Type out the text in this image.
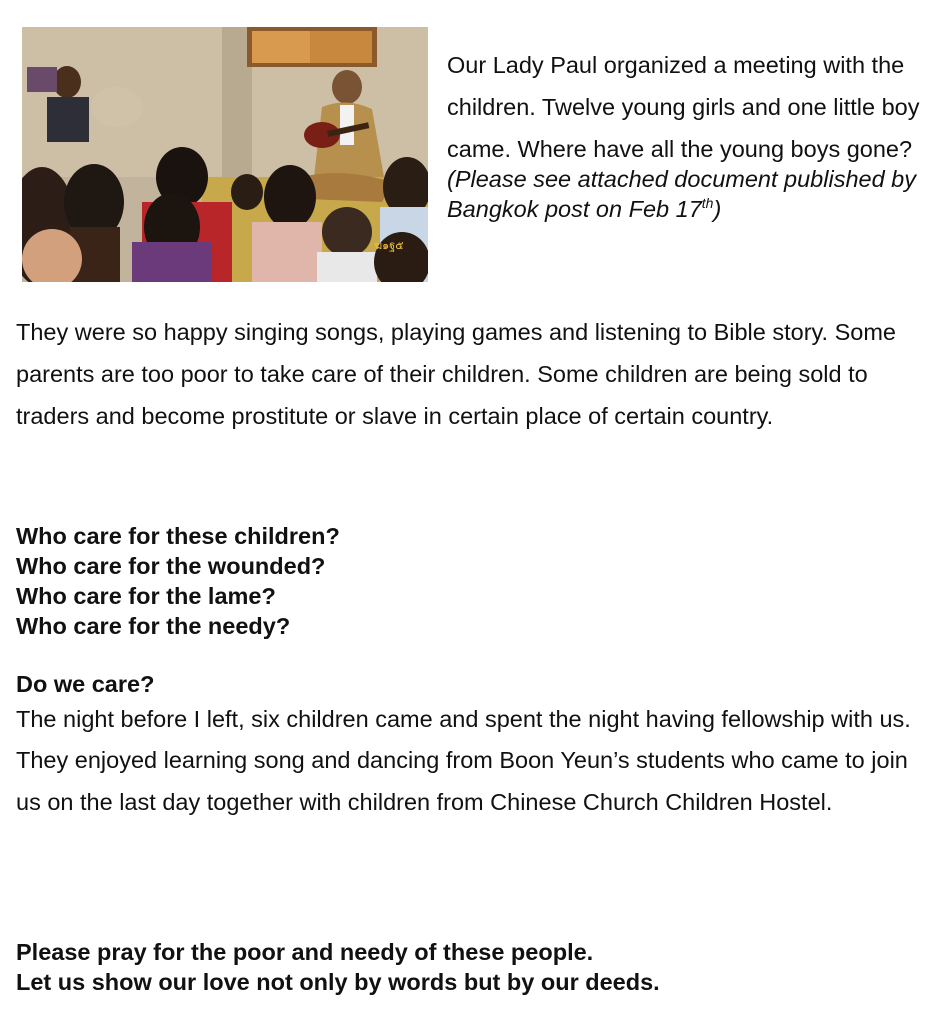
ฆ๑ฐ๕

Our Lady Paul organized a meeting with the children. Twelve young girls and one little boy came. Where have all the young boys gone?

(Please see attached document published by Bangkok post on Feb 17th)

They were so happy singing songs, playing games and listening to Bible story. Some parents are too poor to take care of their children. Some children are being sold to traders and become prostitute or slave in certain place of certain country.
Who care for these children?
Who care for the wounded?
Who care for the lame?
Who care for the needy?
Do we care?
The night before I left, six children came and spent the night having fellowship with us.
They enjoyed learning song and dancing from Boon Yeun’s students who came to join us on the last day together with children from Chinese Church Children Hostel.
Please pray for the poor and needy of these people.
Let us show our love not only by words but by our deeds.
